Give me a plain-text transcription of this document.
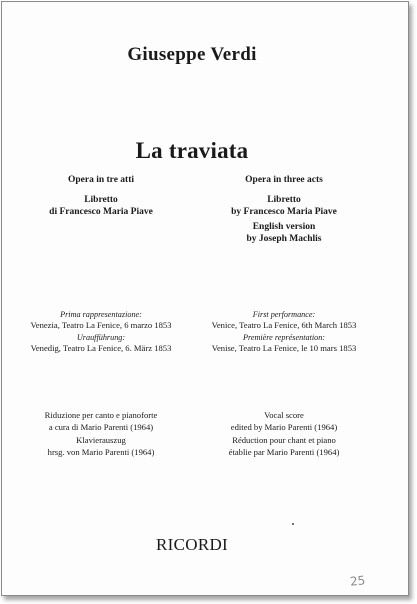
Giuseppe Verdi
La traviata
Opera in tre atti
Libretto
di Francesco Maria Piave
Prima rappresentazione:
Venezia, Teatro La Fenice, 6 marzo 1853
Uraufführung:
Venedig, Teatro La Fenice, 6. März 1853
Riduzione per canto e pianoforte
a cura di Mario Parenti (1964)
Klavierauszug
hrsg. von Mario Parenti (1964)
Opera in three acts
Libretto
by Francesco Maria Piave
English version
by Joseph Machlis
First performance:
Venice, Teatro La Fenice, 6th March 1853
Première représentation:
Venise, Teatro La Fenice, le 10 mars 1853
Vocal score
edited by Mario Parenti (1964)
Réduction pour chant et piano
établie par Mario Parenti (1964)
RICORDI
25
